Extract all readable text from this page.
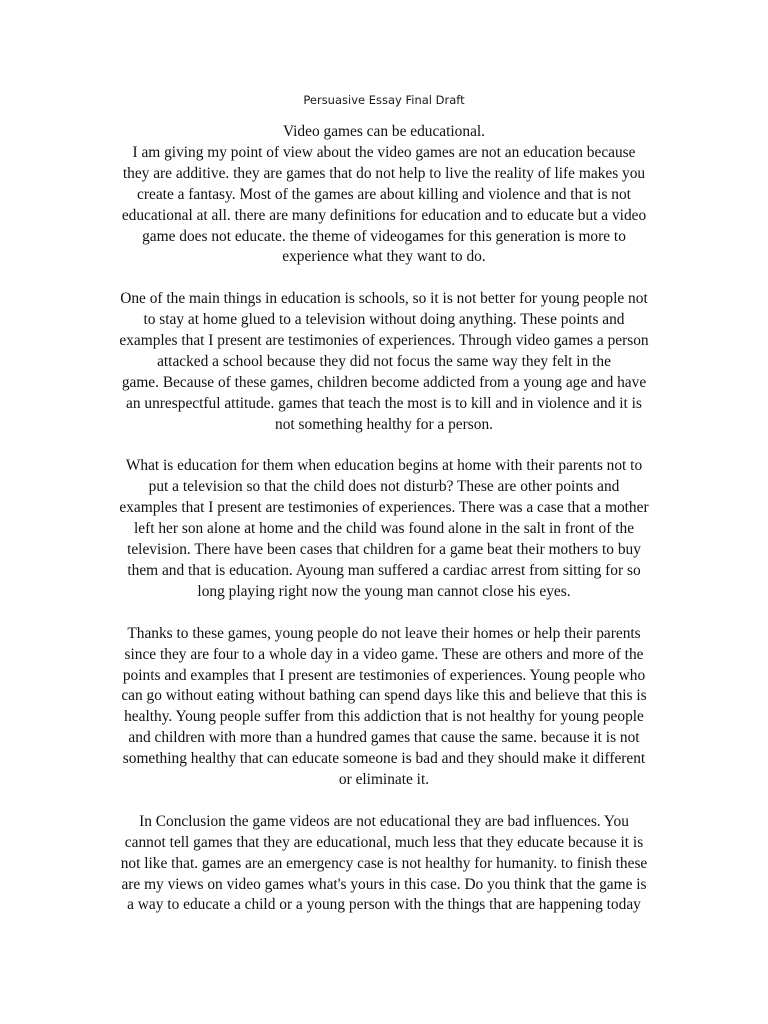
Persuasive Essay Final Draft

Video games can be educational.
I am giving my point of view about the video games are not an education because
they are additive. they are games that do not help to live the reality of life makes you
create a fantasy. Most of the games are about killing and violence and that is not
educational at all. there are many definitions for education and to educate but a video
game does not educate. the theme of videogames for this generation is more to
experience what they want to do.

One of the main things in education is schools, so it is not better for young people not
to stay at home glued to a television without doing anything. These points and
examples that I present are testimonies of experiences. Through video games a person
attacked a school because they did not focus the same way they felt in the
game. Because of these games, children become addicted from a young age and have
an unrespectful attitude. games that teach the most is to kill and in violence and it is
not something healthy for a person.

What is education for them when education begins at home with their parents not to
put a television so that the child does not disturb? These are other points and
examples that I present are testimonies of experiences. There was a case that a mother
left her son alone at home and the child was found alone in the salt in front of the
television. There have been cases that children for a game beat their mothers to buy
them and that is education. Ayoung man suffered a cardiac arrest from sitting for so
long playing right now the young man cannot close his eyes.

Thanks to these games, young people do not leave their homes or help their parents
since they are four to a whole day in a video game. These are others and more of the
points and examples that I present are testimonies of experiences. Young people who
can go without eating without bathing can spend days like this and believe that this is
healthy. Young people suffer from this addiction that is not healthy for young people
and children with more than a hundred games that cause the same. because it is not
something healthy that can educate someone is bad and they should make it different
or eliminate it.

In Conclusion the game videos are not educational they are bad influences. You
cannot tell games that they are educational, much less that they educate because it is
not like that. games are an emergency case is not healthy for humanity. to finish these
are my views on video games what's yours in this case. Do you think that the game is
a way to educate a child or a young person with the things that are happening today
